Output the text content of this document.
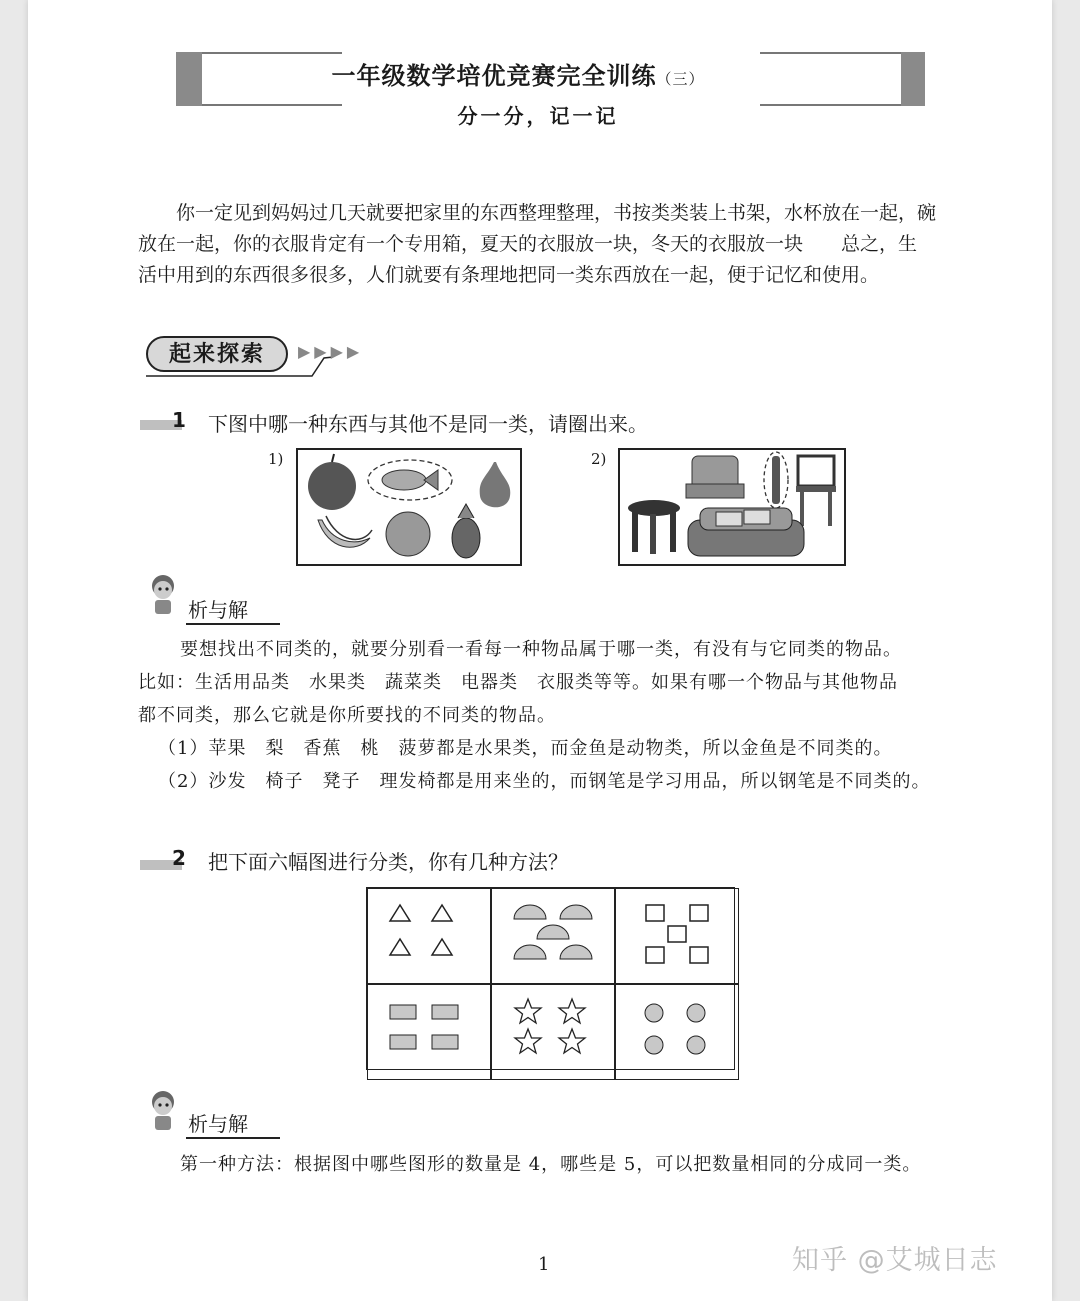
一年级数学培优竞赛完全训练（三）
分一分，记一记

你一定见到妈妈过几天就要把家里的东西整理整理，书按类类装上书架，水杯放在一起，碗

放在一起，你的衣服肯定有一个专用箱，夏天的衣服放一块，冬天的衣服放一块　　总之，生

活中用到的东西很多很多，人们就要有条理地把同一类东西放在一起，便于记忆和使用。

起来探索	▶▶▶▶
1 下图中哪一种东西与其他不是同一类，请圈出来。
1)	2)
析与解

要想找出不同类的，就要分别看一看每一种物品属于哪一类，有没有与它同类的物品。

比如：生活用品类　水果类　蔬菜类　电器类　衣服类等等。如果有哪一个物品与其他物品

都不同类，那么它就是你所要找的不同类的物品。

（1）苹果　梨　香蕉　桃　菠萝都是水果类，而金鱼是动物类，所以金鱼是不同类的。

（2）沙发　椅子　凳子　理发椅都是用来坐的，而钢笔是学习用品，所以钢笔是不同类的。

2 把下面六幅图进行分类，你有几种方法？
析与解

第一种方法：根据图中哪些图形的数量是 4，哪些是 5，可以把数量相同的分成同一类。

1	知乎 @艾城日志
